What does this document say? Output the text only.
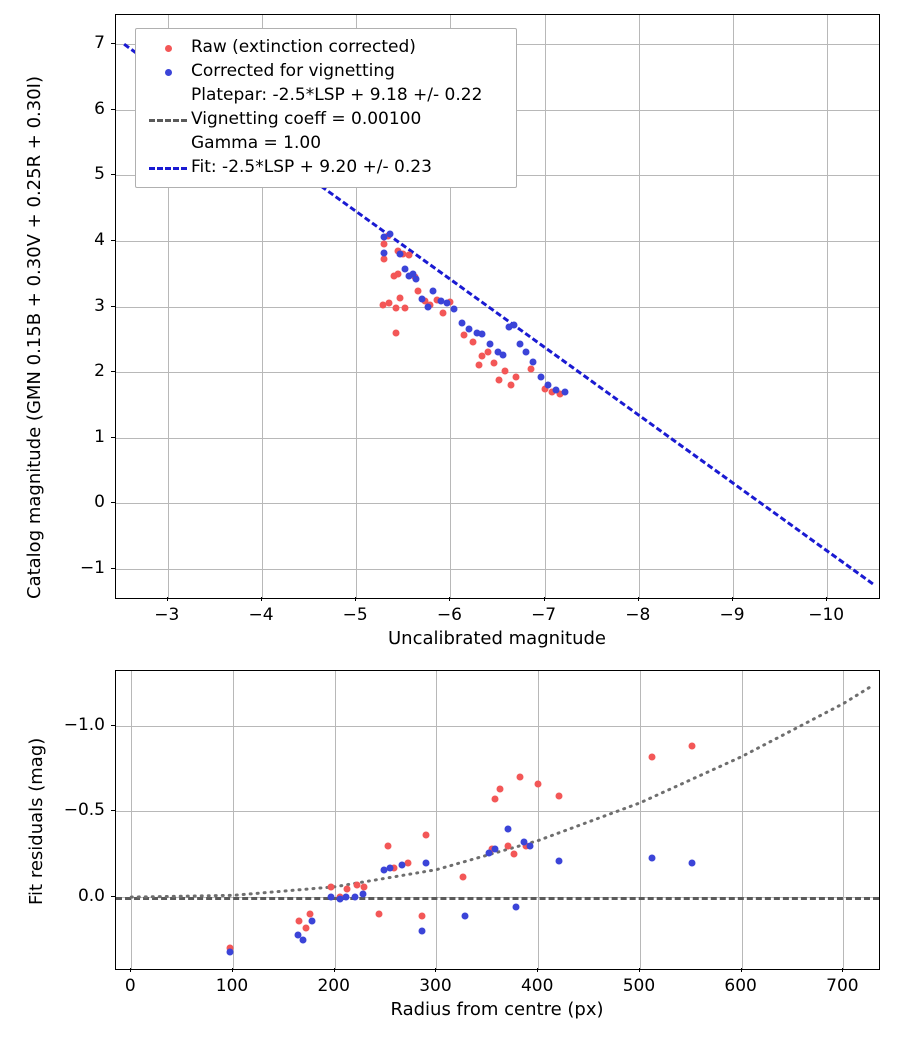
Catalog magnitude (GMN 0.15B + 0.30V + 0.25R + 0.30I)
Uncalibrated magnitude
−3	−4	−5	−6	−7	−8	−9	−10
−1
0
1
2
3
4
5
6
7	Raw (extinction corrected)
Corrected for vignetting
Platepar: -2.5*LSP + 9.18 +/- 0.22
Vignetting coeff = 0.00100
Gamma = 1.00
Fit: -2.5*LSP + 9.20 +/- 0.23
Fit residuals (mag)
Radius from centre (px)
0	100	200	300	400	500	600	700
−1.0
−0.5
0.0
